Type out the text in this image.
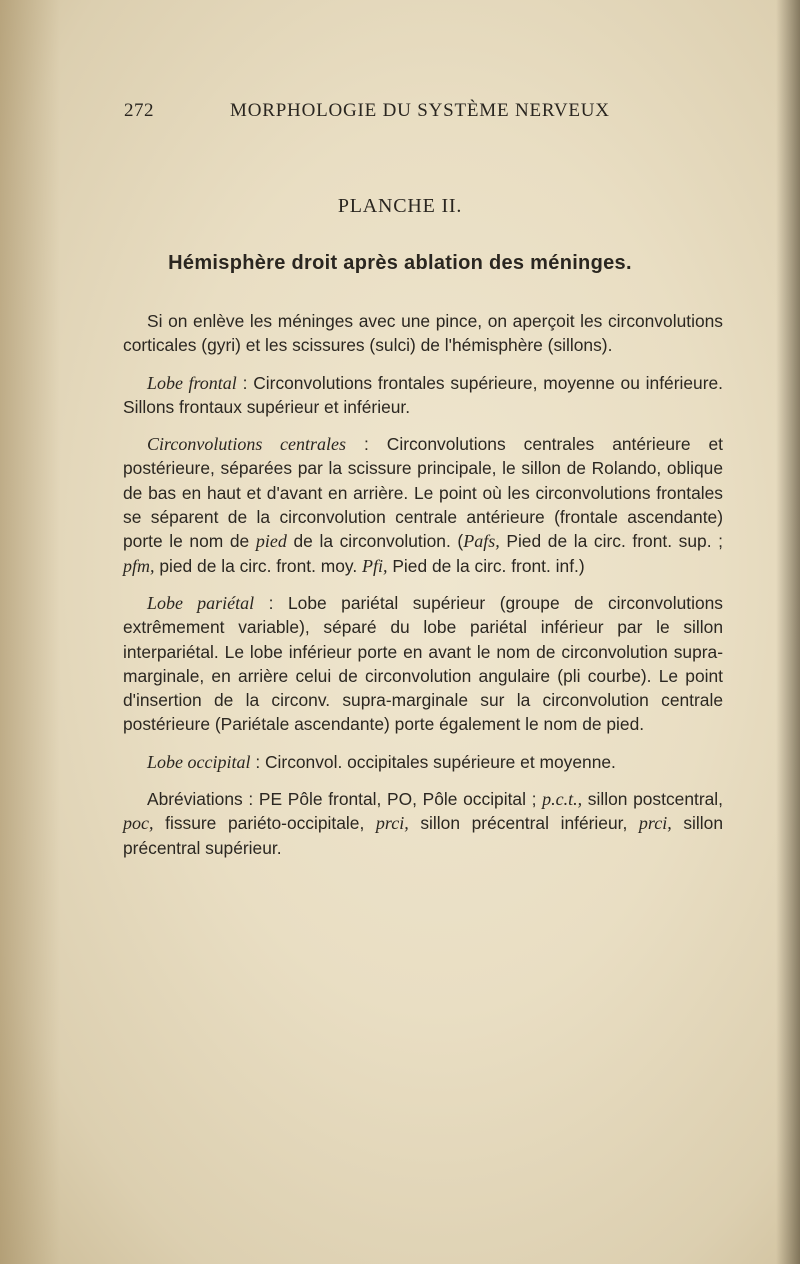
272	MORPHOLOGIE DU SYSTÈME NERVEUX
PLANCHE II.
Hémisphère droit après ablation des méninges.

Si on enlève les méninges avec une pince, on aperçoit les circonvolutions corticales (gyri) et les scissures (sulci) de l'hémisphère (sillons).

Lobe frontal : Circonvolutions frontales supérieure, moyenne ou inférieure. Sillons frontaux supérieur et inférieur.

Circonvolutions centrales : Circonvolutions centrales antérieure et postérieure, séparées par la scissure principale, le sillon de Rolando, oblique de bas en haut et d'avant en arrière. Le point où les circonvolutions frontales se séparent de la circonvolution centrale antérieure (frontale ascendante) porte le nom de pied de la circonvolution. (Pafs, Pied de la circ. front. sup. ; pfm, pied de la circ. front. moy. Pfi, Pied de la circ. front. inf.)

Lobe pariétal : Lobe pariétal supérieur (groupe de circonvolutions extrêmement variable), séparé du lobe pariétal inférieur par le sillon interpariétal. Le lobe inférieur porte en avant le nom de circonvolution supra-marginale, en arrière celui de circonvolution angulaire (pli courbe). Le point d'insertion de la circonv. supra-marginale sur la circonvolution centrale postérieure (Pariétale ascendante) porte également le nom de pied.

Lobe occipital : Circonvol. occipitales supérieure et moyenne.

Abréviations : PE Pôle frontal, PO, Pôle occipital ; p.c.t., sillon postcentral, poc, fissure pariéto-occipitale, prci, sillon précentral inférieur, prci, sillon précentral supérieur.
